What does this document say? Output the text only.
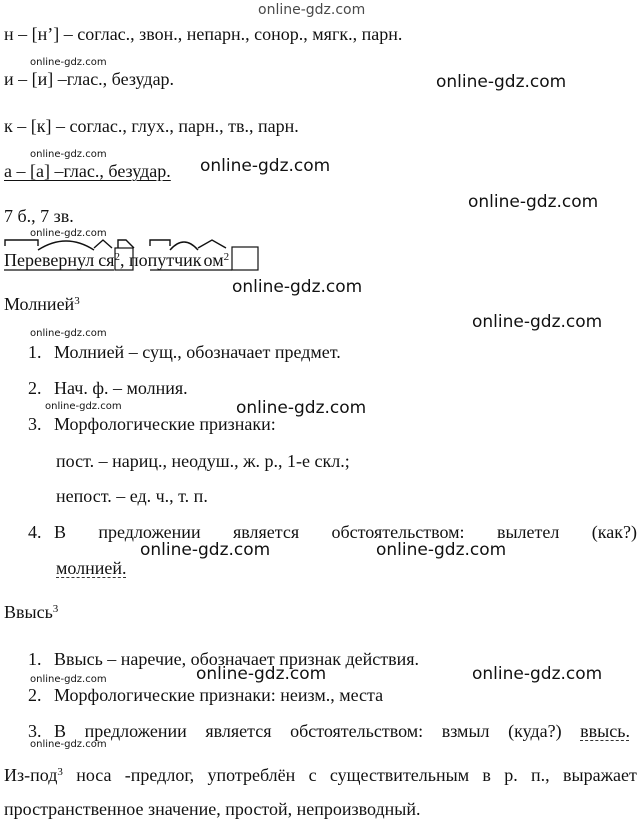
online-gdz.com
н – [н’] – соглас., звон., непарн., сонор., мягк., парн.
online-gdz.com
и – [и] –глас., безудар.	online-gdz.com
к – [к] – соглас., глух., парн., тв., парн.
online-gdz.com
а – [а] –глас., безудар. online-gdz.com
7 б., 7 зв.
online-gdz.com
online-gdz.com
Перевернул $ся^2$, попутчик $ом^2$
online-gdz.com
Молнией$^3$
online-gdz.com
online-gdz.com
1. Молнией – сущ., обозначает предмет.
2. Нач. ф. – молния.
online-gdz.com
online-gdz.com
3. Морфологические признаки:
пост. – нариц., неодуш., ж. р., 1-е скл.;
непост. – ед. ч., т. п.
4. В предложении является обстоятельством: вылетел (как?)
online-gdz.com	online-gdz.com
молнией.
Ввысь$^3$
1. Ввысь – наречие, обозначает признак действия.
online-gdz.com	online-gdz.com
online-gdz.com
2. Морфологические признаки: неизм., места
3. В предложении является обстоятельством: взмыл (куда?) ввысь.
online-gdz.com
Из-под$^3$ носа -предлог, употреблён с существительным в р. п., выражает
пространственное значение, простой, непроизводный.
